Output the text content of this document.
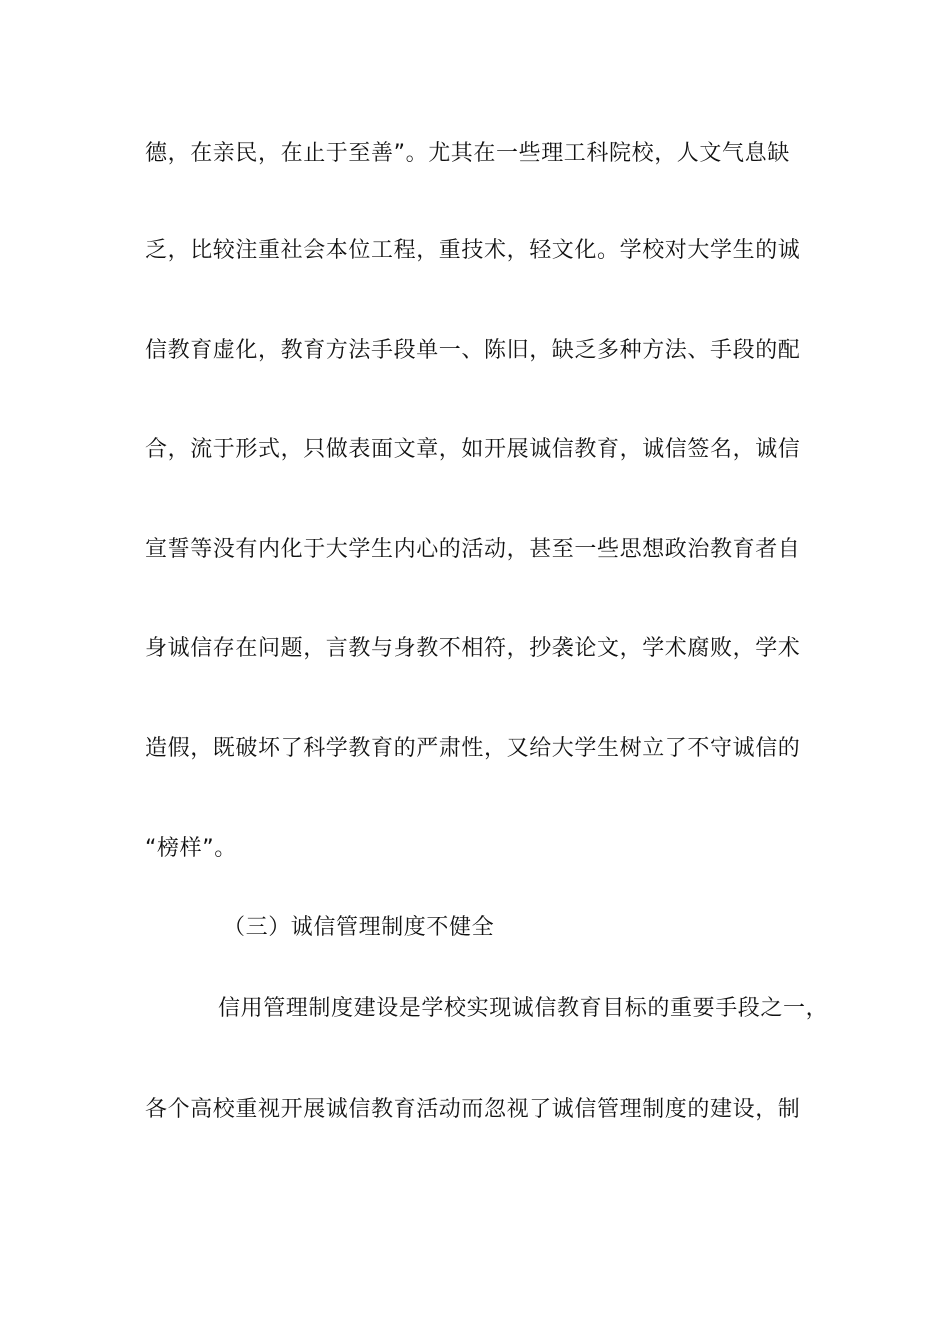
德，在亲民，在止于至善”。尤其在一些理工科院校，人文气息缺
乏，比较注重社会本位工程，重技术，轻文化。学校对大学生的诚
信教育虚化，教育方法手段单一、陈旧，缺乏多种方法、手段的配
合，流于形式，只做表面文章，如开展诚信教育，诚信签名，诚信
宣誓等没有内化于大学生内心的活动，甚至一些思想政治教育者自
身诚信存在问题，言教与身教不相符，抄袭论文，学术腐败，学术
造假，既破坏了科学教育的严肃性，又给大学生树立了不守诚信的
“榜样”。
（三）诚信管理制度不健全
信用管理制度建设是学校实现诚信教育目标的重要手段之一，
各个高校重视开展诚信教育活动而忽视了诚信管理制度的建设，制
